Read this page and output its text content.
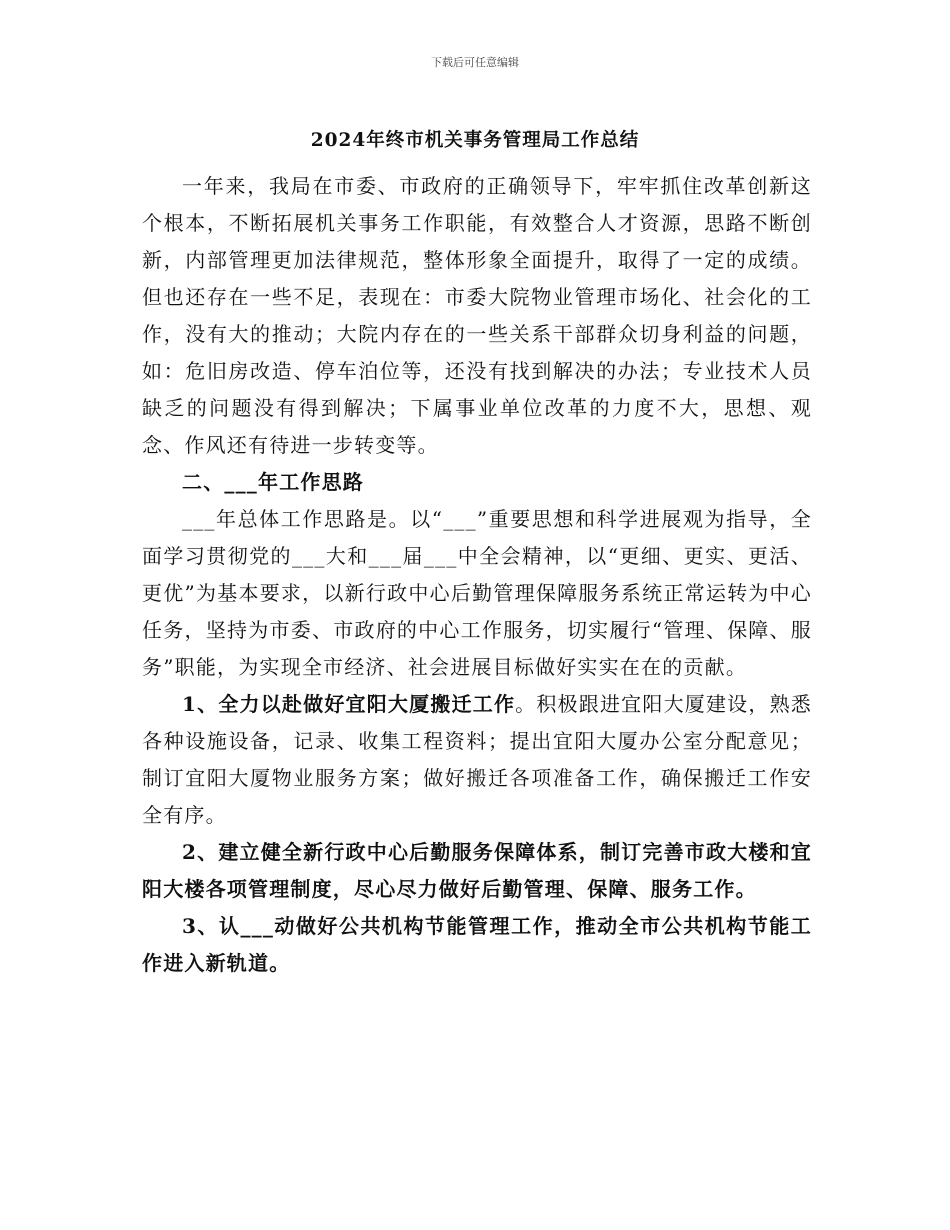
下载后可任意编辑
2024年终市机关事务管理局工作总结

一年来，我局在市委、市政府的正确领导下，牢牢抓住改革创新这个根本，不断拓展机关事务工作职能，有效整合人才资源，思路不断创新，内部管理更加法律规范，整体形象全面提升，取得了一定的成绩。但也还存在一些不足，表现在：市委大院物业管理市场化、社会化的工作，没有大的推动；大院内存在的一些关系干部群众切身利益的问题，如：危旧房改造、停车泊位等，还没有找到解决的办法；专业技术人员缺乏的问题没有得到解决；下属事业单位改革的力度不大，思想、观念、作风还有待进一步转变等。

二、___年工作思路

___年总体工作思路是。以“___”重要思想和科学进展观为指导，全面学习贯彻党的___大和___届___中全会精神，以“更细、更实、更活、更优”为基本要求，以新行政中心后勤管理保障服务系统正常运转为中心任务，坚持为市委、市政府的中心工作服务，切实履行“管理、保障、服务”职能，为实现全市经济、社会进展目标做好实实在在的贡献。

1、全力以赴做好宜阳大厦搬迁工作。积极跟进宜阳大厦建设，熟悉各种设施设备，记录、收集工程资料；提出宜阳大厦办公室分配意见；制订宜阳大厦物业服务方案；做好搬迁各项准备工作，确保搬迁工作安全有序。

2、建立健全新行政中心后勤服务保障体系，制订完善市政大楼和宜阳大楼各项管理制度，尽心尽力做好后勤管理、保障、服务工作。

3、认___动做好公共机构节能管理工作，推动全市公共机构节能工作进入新轨道。
